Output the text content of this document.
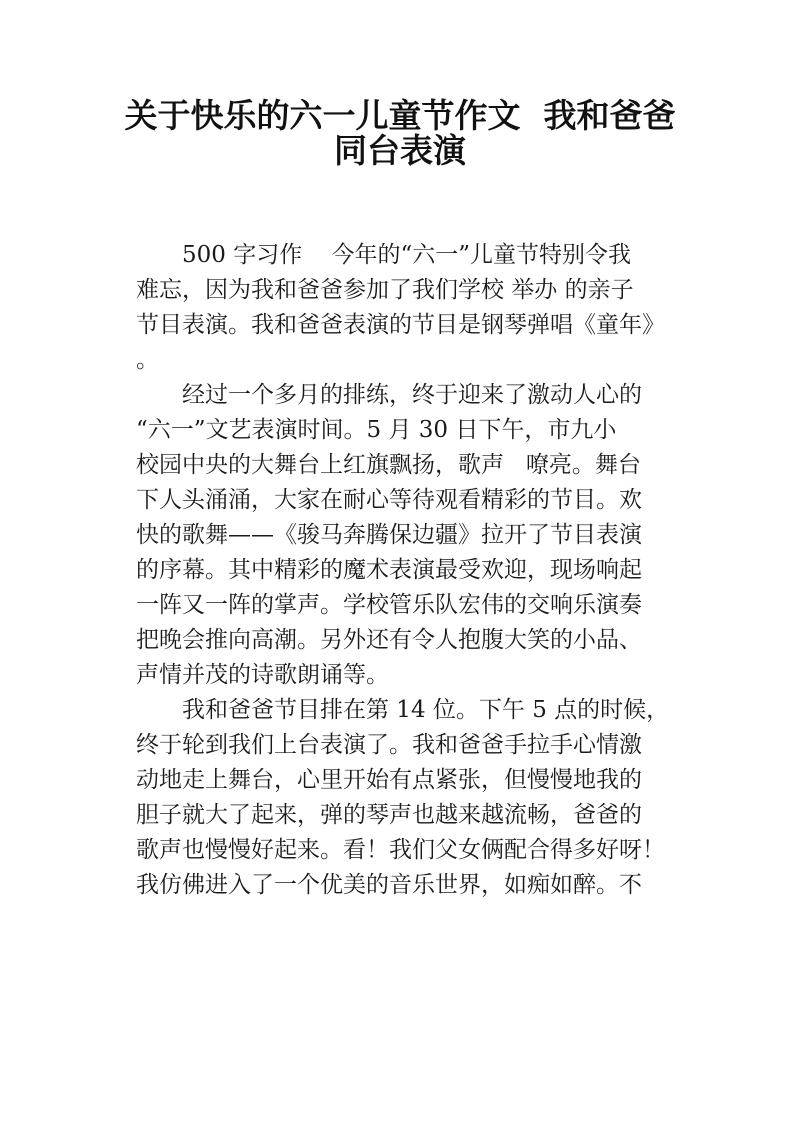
关于快乐的六一儿童节作文  我和爸爸
同台表演
500 字习作    今年的“六一”儿童节特别令我
难忘，因为我和爸爸参加了我们学校 举办 的亲子
节目表演。我和爸爸表演的节目是钢琴弹唱《童年》
。
经过一个多月的排练，终于迎来了激动人心的
“六一”文艺表演时间。5 月 30 日下午，市九小
校园中央的大舞台上红旗飘扬，歌声   嘹亮。舞台
下人头涌涌，大家在耐心等待观看精彩的节目。欢
快的歌舞——《骏马奔腾保边疆》拉开了节目表演
的序幕。其中精彩的魔术表演最受欢迎，现场响起
一阵又一阵的掌声。学校管乐队宏伟的交响乐演奏
把晚会推向高潮。另外还有令人抱腹大笑的小品、
声情并茂的诗歌朗诵等。
我和爸爸节目排在第 14 位。下午 5 点的时候，
终于轮到我们上台表演了。我和爸爸手拉手心情激
动地走上舞台，心里开始有点紧张，但慢慢地我的
胆子就大了起来，弹的琴声也越来越流畅，爸爸的
歌声也慢慢好起来。看！我们父女俩配合得多好呀！
我仿佛进入了一个优美的音乐世界，如痴如醉。不
